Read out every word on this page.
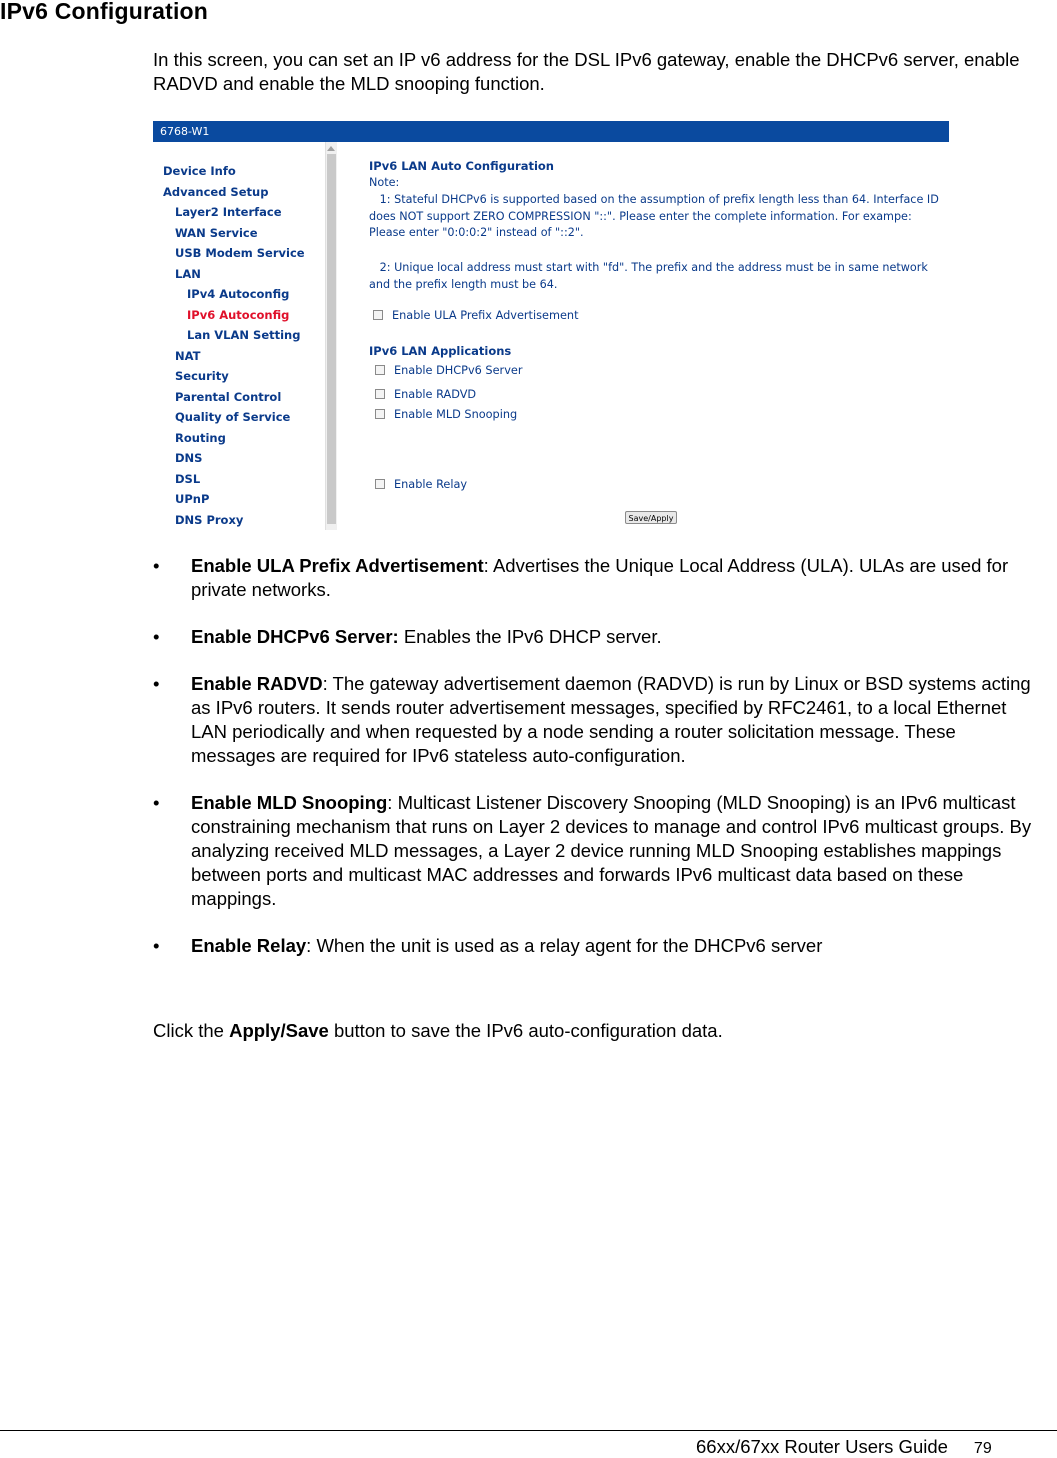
IPv6 Configuration
In this screen, you can set an IP v6 address for the DSL IPv6 gateway, enable the DHCPv6 server, enable RADVD and enable the MLD snooping function.
6768-W1
Device Info
Advanced Setup
Layer2 Interface
WAN Service
USB Modem Service
LAN
IPv4 Autoconfig
IPv6 Autoconfig
Lan VLAN Setting
NAT
Security
Parental Control
Quality of Service
Routing
DNS
DSL
UPnP
DNS Proxy
IPv6 LAN Auto Configuration
Note:
1: Stateful DHCPv6 is supported based on the assumption of prefix length less than 64. Interface ID
does NOT support ZERO COMPRESSION "::". Please enter the complete information. For exampe:
Please enter "0:0:0:2" instead of "::2".
2: Unique local address must start with "fd". The prefix and the address must be in same network
and the prefix length must be 64.
Enable ULA Prefix Advertisement
IPv6 LAN Applications
Enable DHCPv6 Server
Enable RADVD
Enable MLD Snooping
Enable Relay
Save/Apply
• Enable ULA Prefix Advertisement: Advertises the Unique Local Address (ULA). ULAs are used for private networks.
• Enable DHCPv6 Server: Enables the IPv6 DHCP server.
• Enable RADVD: The gateway advertisement daemon (RADVD) is run by Linux or BSD systems acting as IPv6 routers. It sends router advertisement messages, specified by RFC2461, to a local Ethernet LAN periodically and when requested by a node sending a router solicitation message. These messages are required for IPv6 stateless auto-configuration.
• Enable MLD Snooping: Multicast Listener Discovery Snooping (MLD Snooping) is an IPv6 multicast constraining mechanism that runs on Layer 2 devices to manage and control IPv6 multicast groups. By analyzing received MLD messages, a Layer 2 device running MLD Snooping establishes mappings between ports and multicast MAC addresses and forwards IPv6 multicast data based on these mappings.
• Enable Relay: When the unit is used as a relay agent for the DHCPv6 server
Click the Apply/Save button to save the IPv6 auto-configuration data.
66xx/67xx Router Users Guide 79
